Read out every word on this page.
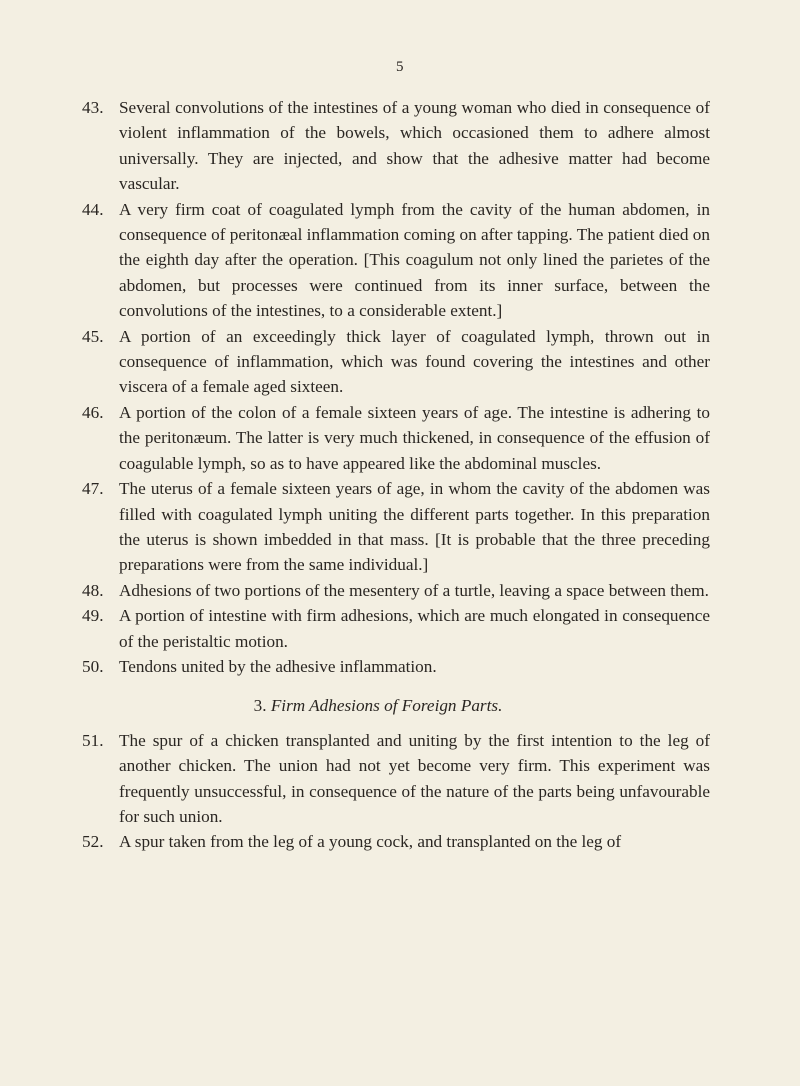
5

43. Several convolutions of the intestines of a young woman who died in consequence of violent inflammation of the bowels, which occasioned them to adhere almost universally. They are injected, and show that the adhesive matter had become vascular.

44. A very firm coat of coagulated lymph from the cavity of the human abdomen, in consequence of peritonæal inflammation coming on after tapping. The patient died on the eighth day after the operation. [This coagulum not only lined the parietes of the abdomen, but processes were continued from its inner surface, between the convolutions of the intestines, to a considerable extent.]

45. A portion of an exceedingly thick layer of coagulated lymph, thrown out in consequence of inflammation, which was found covering the intestines and other viscera of a female aged sixteen.

46. A portion of the colon of a female sixteen years of age. The intestine is adhering to the peritonæum. The latter is very much thickened, in consequence of the effusion of coagulable lymph, so as to have appeared like the abdominal muscles.

47. The uterus of a female sixteen years of age, in whom the cavity of the abdomen was filled with coagulated lymph uniting the different parts together. In this preparation the uterus is shown imbedded in that mass. [It is probable that the three preceding preparations were from the same individual.]

48. Adhesions of two portions of the mesentery of a turtle, leaving a space between them.

49. A portion of intestine with firm adhesions, which are much elongated in consequence of the peristaltic motion.

50. Tendons united by the adhesive inflammation.

3. Firm Adhesions of Foreign Parts.

51. The spur of a chicken transplanted and uniting by the first intention to the leg of another chicken. The union had not yet become very firm. This experiment was frequently unsuccessful, in consequence of the nature of the parts being unfavourable for such union.

52. A spur taken from the leg of a young cock, and transplanted on the leg of
